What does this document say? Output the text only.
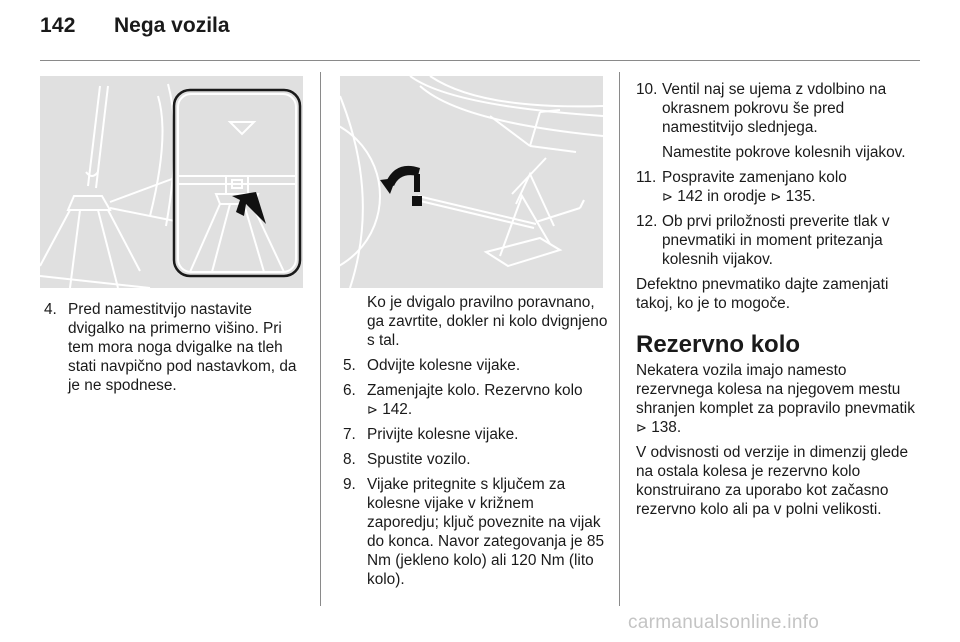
142 Nega vozila
4. Pred namestitvijo nastavite dvigalko na primerno višino. Pri tem mora noga dvigalke na tleh stati navpično pod nastavkom, da je ne spodnese.
Ko je dvigalo pravilno poravnano, ga zavrtite, dokler ni kolo dvignjeno s tal.
5. Odvijte kolesne vijake.
6. Zamenjajte kolo. Rezervno kolo
⊳ 142.
7. Privijte kolesne vijake.
8. Spustite vozilo.
9. Vijake pritegnite s ključem za kolesne vijake v križnem zaporedju; ključ poveznite na vijak do konca. Navor zategovanja je 85 Nm (jekleno kolo) ali 120 Nm (lito kolo).
10. Ventil naj se ujema z vdolbino na okrasnem pokrovu še pred namestitvijo slednjega.
Namestite pokrove kolesnih vijakov.
11. Pospravite zamenjano kolo
⊳ 142 in orodje ⊳ 135.
12. Ob prvi priložnosti preverite tlak v pnevmatiki in moment pritezanja kolesnih vijakov.
Defektno pnevmatiko dajte zamenjati takoj, ko je to mogoče.
Rezervno kolo
Nekatera vozila imajo namesto rezervnega kolesa na njegovem mestu shranjen komplet za popravilo pnevmatik ⊳ 138.
V odvisnosti od verzije in dimenzij glede na ostala kolesa je rezervno kolo konstruirano za uporabo kot začasno rezervno kolo ali pa v polni velikosti.
carmanualsonline.info
